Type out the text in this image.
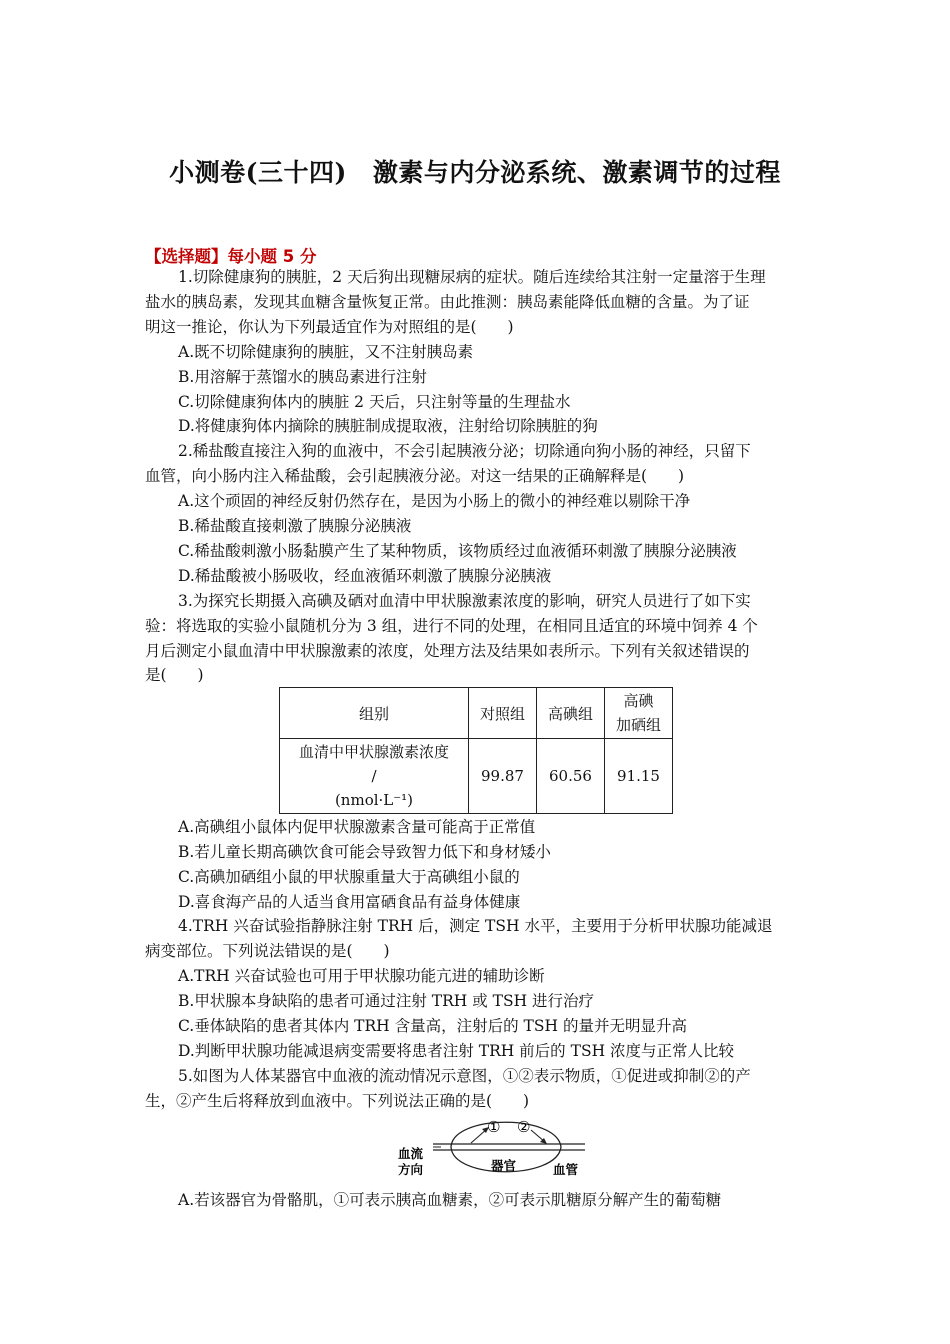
小测卷(三十四) 激素与内分泌系统、激素调节的过程
【选择题】每小题 5 分
1.切除健康狗的胰脏，2 天后狗出现糖尿病的症状。随后连续给其注射一定量溶于生理
盐水的胰岛素，发现其血糖含量恢复正常。由此推测：胰岛素能降低血糖的含量。为了证
明这一推论，你认为下列最适宜作为对照组的是(　　)
A.既不切除健康狗的胰脏，又不注射胰岛素
B.用溶解于蒸馏水的胰岛素进行注射
C.切除健康狗体内的胰脏 2 天后，只注射等量的生理盐水
D.将健康狗体内摘除的胰脏制成提取液，注射给切除胰脏的狗
2.稀盐酸直接注入狗的血液中，不会引起胰液分泌；切除通向狗小肠的神经，只留下
血管，向小肠内注入稀盐酸，会引起胰液分泌。对这一结果的正确解释是(　　)
A.这个顽固的神经反射仍然存在，是因为小肠上的微小的神经难以剔除干净
B.稀盐酸直接刺激了胰腺分泌胰液
C.稀盐酸刺激小肠黏膜产生了某种物质，该物质经过血液循环刺激了胰腺分泌胰液
D.稀盐酸被小肠吸收，经血液循环刺激了胰腺分泌胰液
3.为探究长期摄入高碘及硒对血清中甲状腺激素浓度的影响，研究人员进行了如下实
验：将选取的实验小鼠随机分为 3 组，进行不同的处理，在相同且适宜的环境中饲养 4 个
月后测定小鼠血清中甲状腺激素的浓度，处理方法及结果如表所示。下列有关叙述错误的
是(　　)
组别	对照组	高碘组	高碘
加硒组

血清中甲状腺激素浓度
/
(nmol·L⁻¹)	99.87	60.56	91.15
A.高碘组小鼠体内促甲状腺激素含量可能高于正常值
B.若儿童长期高碘饮食可能会导致智力低下和身材矮小
C.高碘加硒组小鼠的甲状腺重量大于高碘组小鼠的
D.喜食海产品的人适当食用富硒食品有益身体健康
4.TRH 兴奋试验指静脉注射 TRH 后，测定 TSH 水平，主要用于分析甲状腺功能减退
病变部位。下列说法错误的是(　　)
A.TRH 兴奋试验也可用于甲状腺功能亢进的辅助诊断
B.甲状腺本身缺陷的患者可通过注射 TRH 或 TSH 进行治疗
C.垂体缺陷的患者其体内 TRH 含量高，注射后的 TSH 的量并无明显升高
D.判断甲状腺功能减退病变需要将患者注射 TRH 前后的 TSH 浓度与正常人比较
5.如图为人体某器官中血液的流动情况示意图，①②表示物质，①促进或抑制②的产
生，②产生后将释放到血液中。下列说法正确的是(　　)
① ②
血流
方向	器官	血管
A.若该器官为骨骼肌，①可表示胰高血糖素，②可表示肌糖原分解产生的葡萄糖
